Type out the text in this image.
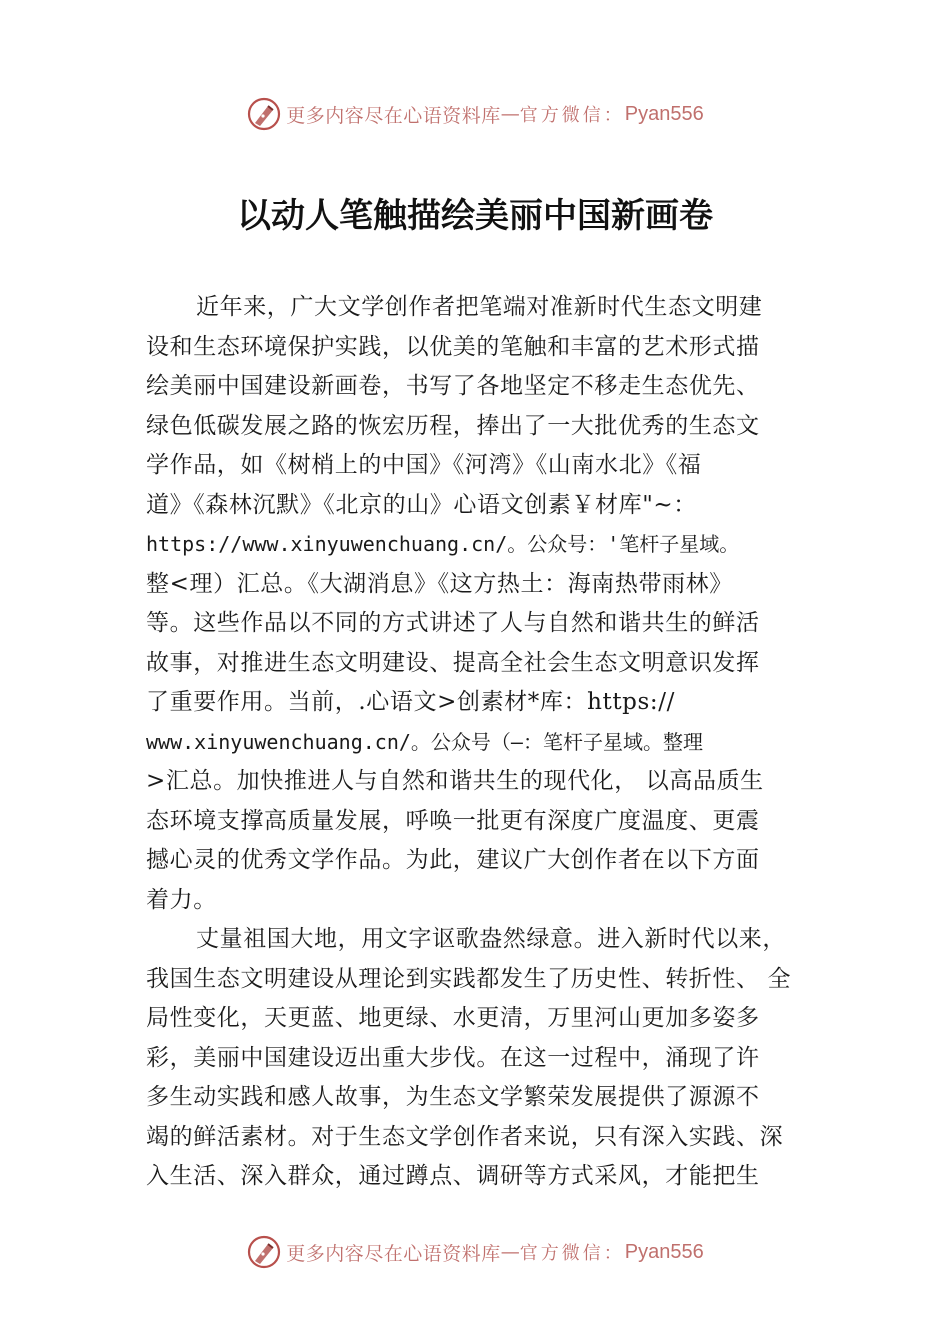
更多内容尽在心语资料库 — 官方微信： Pyan556
以动人笔触描绘美丽中国新画卷
近年来，广大文学创作者把笔端对准新时代生态文明建
设和生态环境保护实践，以优美的笔触和丰富的艺术形式描
绘美丽中国建设新画卷，书写了各地坚定不移走生态优先、
绿色低碳发展之路的恢宏历程，捧出了一大批优秀的生态文
学作品，如《树梢上的中国》《河湾》《山南水北》《福
道》《森林沉默》《北京的山》心语文创素￥材库"~：
https://www.xinyuwenchuang.cn/。公众号：'笔杆子星域。
整<理）汇总。《大湖消息》《这方热土：海南热带雨林》
等。这些作品以不同的方式讲述了人与自然和谐共生的鲜活
故事，对推进生态文明建设、提高全社会生态文明意识发挥
了重要作用。当前，.心语文>创素材*库：https://
www.xinyuwenchuang.cn/。公众号（—：笔杆子星域。整理
>汇总。加快推进人与自然和谐共生的现代化， 以高品质生
态环境支撑高质量发展，呼唤一批更有深度广度温度、更震
撼心灵的优秀文学作品。为此，建议广大创作者在以下方面
着力。
丈量祖国大地，用文字讴歌盎然绿意。进入新时代以来，
我国生态文明建设从理论到实践都发生了历史性、转折性、 全
局性变化，天更蓝、地更绿、水更清，万里河山更加多姿多
彩，美丽中国建设迈出重大步伐。在这一过程中，涌现了许
多生动实践和感人故事，为生态文学繁荣发展提供了源源不
竭的鲜活素材。对于生态文学创作者来说，只有深入实践、深
入生活、深入群众，通过蹲点、调研等方式采风，才能把生
更多内容尽在心语资料库 — 官方微信： Pyan556
